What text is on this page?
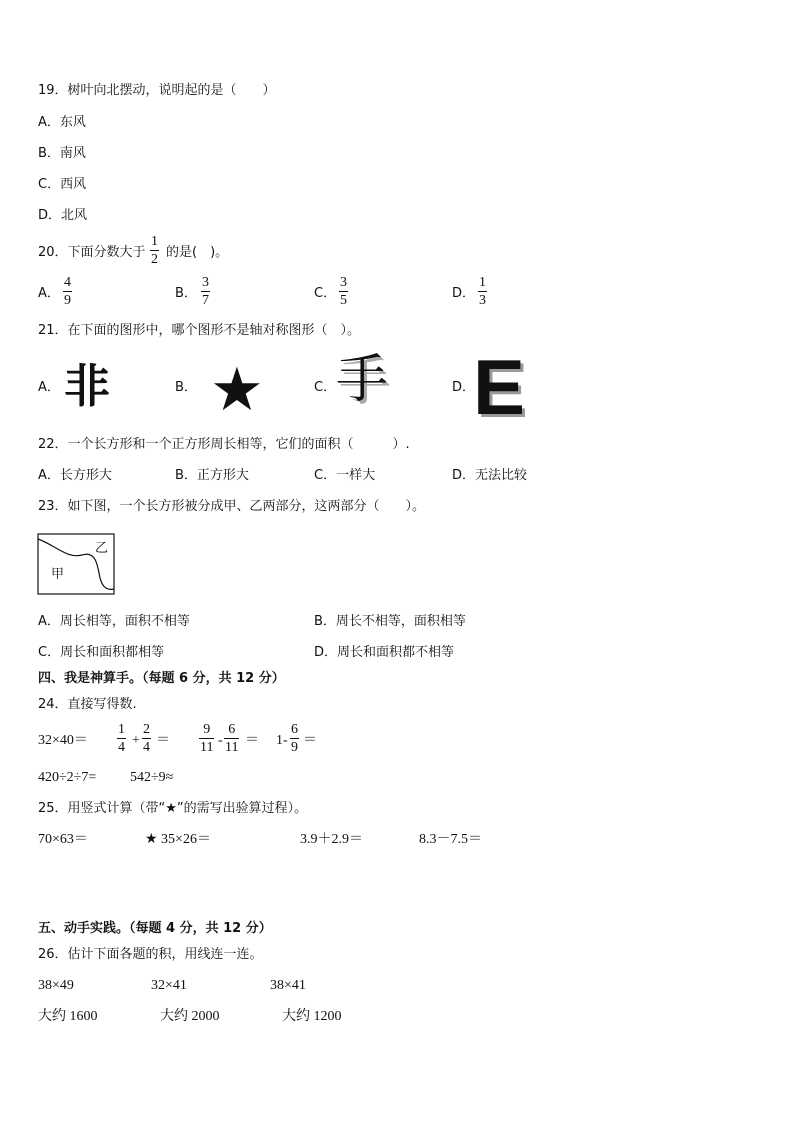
19．树叶向北摆动，说明起的是（　　）
A．东风
B．南风
C．西风
D．北风
20．下面分数大于
1
2 的是(　)。
A．
4
9	B．
3
7	C．
3
5	D．
1
3
21．在下面的图形中，哪个图形不是轴对称图形（　）。
A． 非	B． ★	C． 手	D．
E
22．一个长方形和一个正方形周长相等，它们的面积（　　　）.
A．长方形大	B．正方形大	C．一样大	D．无法比较
23．如下图，一个长方形被分成甲、乙两部分，这两部分（　　）。
甲
乙
A．周长相等，面积不相等	B．周长不相等，面积相等
C．周长和面积都相等	D．周长和面积都不相等
四、我是神算手。（每题 6 分，共 12 分）
24．直接写得数.
32×40＝
1
4 +
2
4 ＝
9
11 -
6
11 ＝ 1-
6
9 ＝
420÷2÷7= 542÷9≈
25．用竖式计算（带“★”的需写出验算过程）。
70×63＝	★ 35×26＝	3.9＋2.9＝	8.3－7.5＝
五、动手实践。（每题 4 分，共 12 分）
26．估计下面各题的积，用线连一连。
38×49	32×41	38×41
大约 1600	大约 2000	大约 1200
